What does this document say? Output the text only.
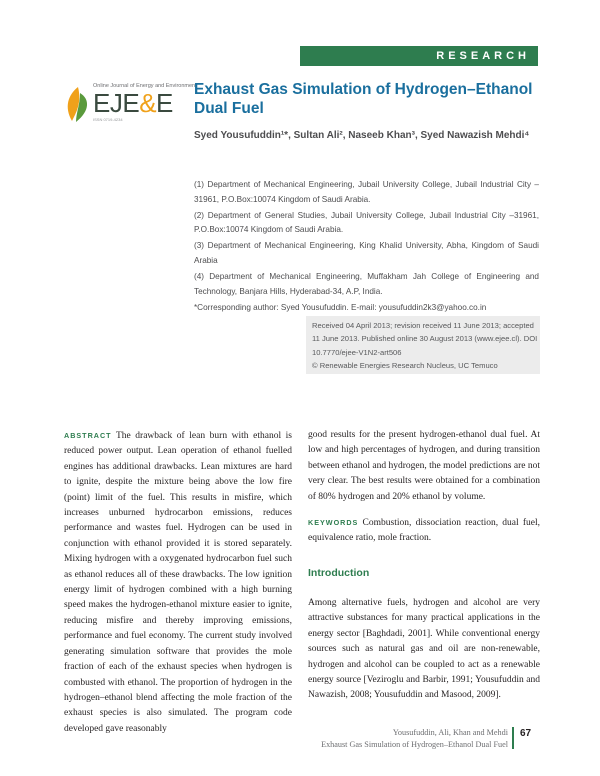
RESEARCH
Online Journal of Energy and Environment
EJE&E
ISSN 0719-4234
Exhaust Gas Simulation of Hydrogen–Ethanol Dual Fuel
Syed Yousufuddin¹*, Sultan Ali², Naseeb Khan³, Syed Nawazish Mehdi⁴

(1) Department of Mechanical Engineering, Jubail University College, Jubail Industrial City –31961, P.O.Box:10074 Kingdom of Saudi Arabia.

(2) Department of General Studies, Jubail University College, Jubail Industrial City –31961, P.O.Box:10074 Kingdom of Saudi Arabia.

(3) Department of Mechanical Engineering, King Khalid University, Abha, Kingdom of Saudi Arabia

(4) Department of Mechanical Engineering, Muffakham Jah College of Engineering and Technology, Banjara Hills, Hyderabad-34, A.P, India.

*Corresponding author: Syed Yousufuddin. E-mail: yousufuddin2k3@yahoo.co.in

Received 04 April 2013; revision received 11 June 2013; accepted 11 June 2013. Published online 30 August 2013 (www.ejee.cl). DOI 10.7770/ejee-V1N2-art506

© Renewable Energies Research Nucleus, UC Temuco

ABSTRACT The drawback of lean burn with ethanol is reduced power output. Lean operation of ethanol fuelled engines has additional drawbacks. Lean mixtures are hard to ignite, despite the mixture being above the low fire (point) limit of the fuel. This results in misfire, which increases unburned hydrocarbon emissions, reduces performance and wastes fuel. Hydrogen can be used in conjunction with ethanol provided it is stored separately. Mixing hydrogen with a oxygenated hydrocarbon fuel such as ethanol reduces all of these drawbacks. The low ignition energy limit of hydrogen combined with a high burning speed makes the hydrogen-ethanol mixture easier to ignite, reducing misfire and thereby improving emissions, performance and fuel economy. The current study involved generating simulation software that provides the mole fraction of each of the exhaust species when hydrogen is combusted with ethanol. The proportion of hydrogen in the hydrogen–ethanol blend affecting the mole fraction of the exhaust species is also simulated. The program code developed gave reasonably

good results for the present hydrogen-ethanol dual fuel. At low and high percentages of hydrogen, and during transition between ethanol and hydrogen, the model predictions are not very clear. The best results were obtained for a combination of 80% hydrogen and 20% ethanol by volume.

KEYWORDS Combustion, dissociation reaction, dual fuel, equivalence ratio, mole fraction.

Introduction
Among alternative fuels, hydrogen and alcohol are very attractive substances for many practical applications in the energy sector [Baghdadi, 2001]. While conventional energy sources such as natural gas and oil are non-renewable, hydrogen and alcohol can be coupled to act as a renewable energy source [Veziroglu and Barbir, 1991; Yousufuddin and Nawazish, 2008; Yousufuddin and Masood, 2009].
Yousufuddin, Ali, Khan and Mehdi
Exhaust Gas Simulation of Hydrogen–Ethanol Dual Fuel
67
